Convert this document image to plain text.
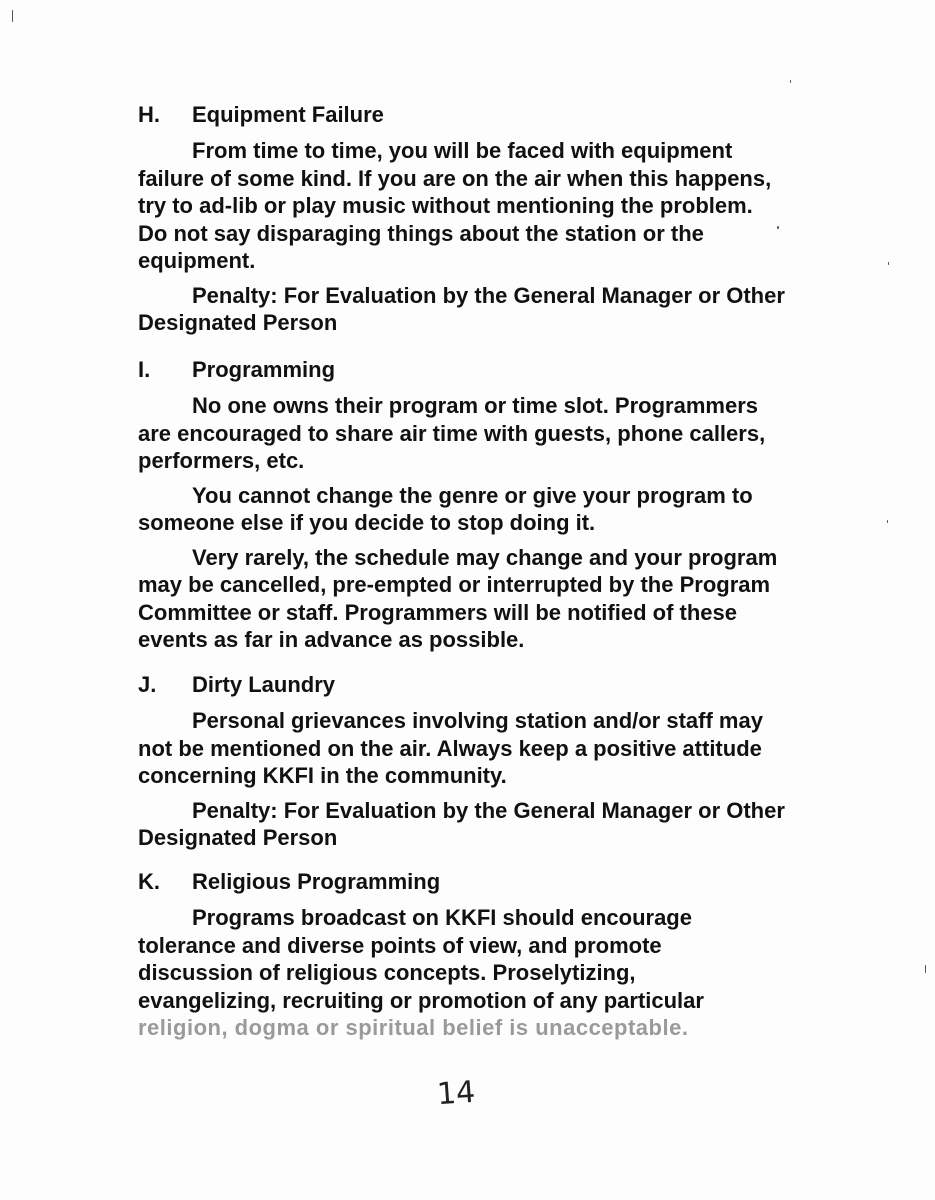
H.	Equipment Failure
From time to time, you will be faced with equipment
failure of some kind. If you are on the air when this happens,
try to ad-lib or play music without mentioning the problem.
Do not say disparaging things about the station or the
equipment.
Penalty: For Evaluation by the General Manager or Other
Designated Person
I.	Programming
No one owns their program or time slot. Programmers
are encouraged to share air time with guests, phone callers,
performers, etc.
You cannot change the genre or give your program to
someone else if you decide to stop doing it.
Very rarely, the schedule may change and your program
may be cancelled, pre-empted or interrupted by the Program
Committee or staff. Programmers will be notified of these
events as far in advance as possible.
J.	Dirty Laundry
Personal grievances involving station and/or staff may
not be mentioned on the air. Always keep a positive attitude
concerning KKFI in the community.
Penalty: For Evaluation by the General Manager or Other
Designated Person
K.	Religious Programming
Programs broadcast on KKFI should encourage
tolerance and diverse points of view, and promote
discussion of religious concepts. Proselytizing,
evangelizing, recruiting or promotion of any particular
religion, dogma or spiritual belief is unacceptable.
14
